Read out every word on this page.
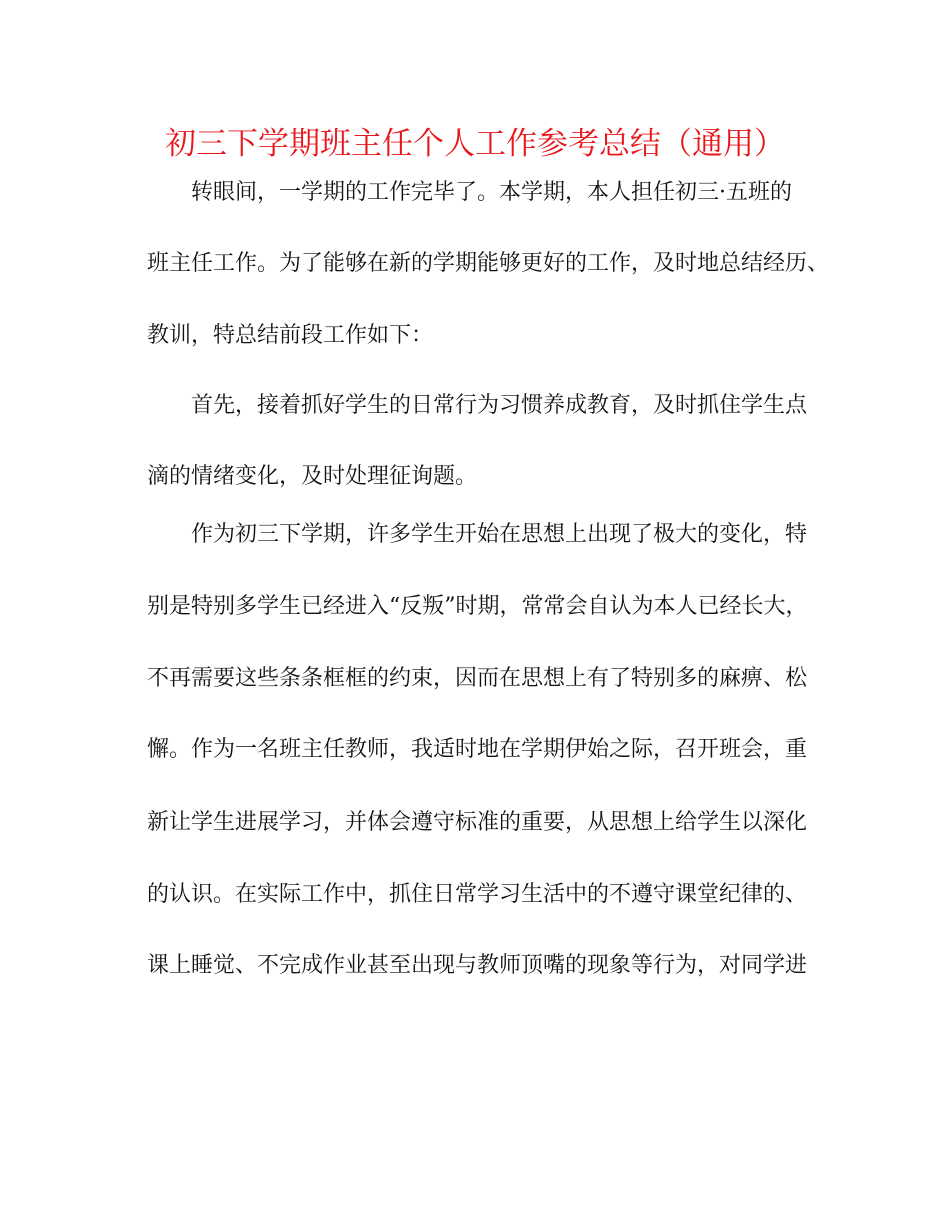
初三下学期班主任个人工作参考总结（通用）
转眼间，一学期的工作完毕了。本学期，本人担任初三·五班的
班主任工作。为了能够在新的学期能够更好的工作，及时地总结经历、
教训，特总结前段工作如下：
首先，接着抓好学生的日常行为习惯养成教育，及时抓住学生点
滴的情绪变化，及时处理征询题。
作为初三下学期，许多学生开始在思想上出现了极大的变化，特
别是特别多学生已经进入“反叛”时期，常常会自认为本人已经长大，
不再需要这些条条框框的约束，因而在思想上有了特别多的麻痹、松
懈。作为一名班主任教师，我适时地在学期伊始之际，召开班会，重
新让学生进展学习，并体会遵守标准的重要，从思想上给学生以深化
的认识。在实际工作中，抓住日常学习生活中的不遵守课堂纪律的、
课上睡觉、不完成作业甚至出现与教师顶嘴的现象等行为，对同学进
